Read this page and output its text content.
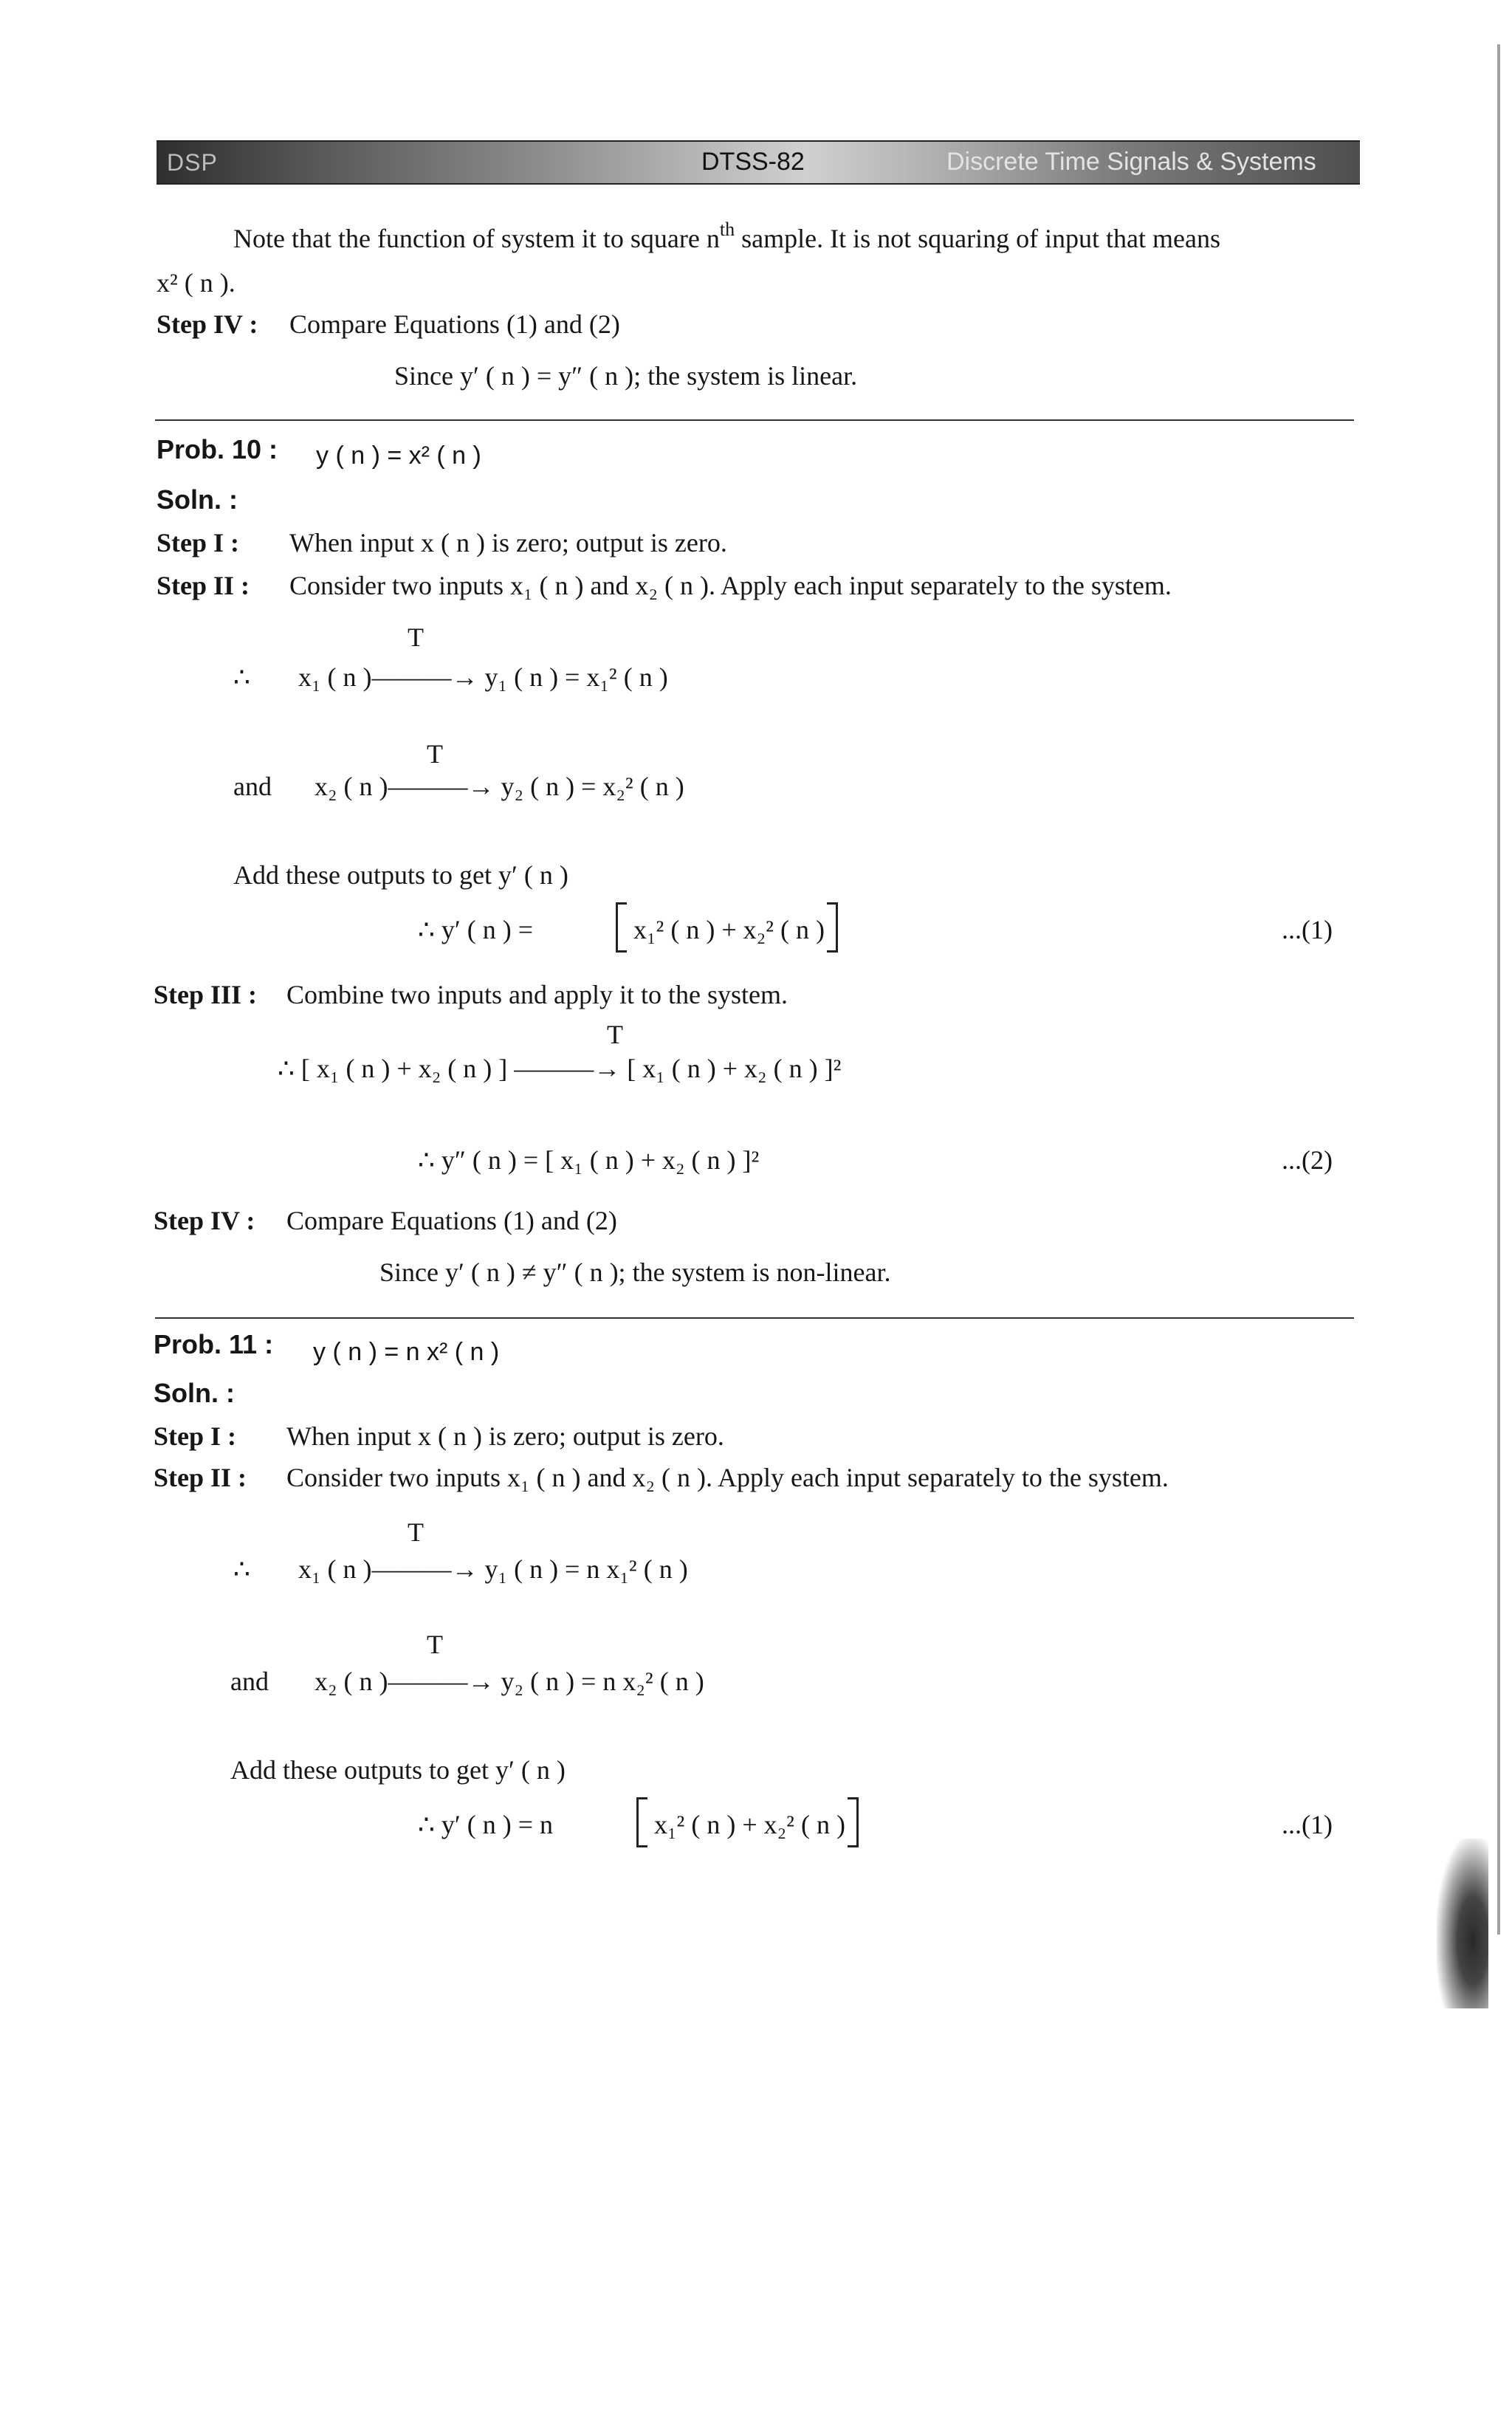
DSP	DTSS-82	Discrete Time Signals & Systems
Note that the function of system it to square $n^{th}$ sample. It is not squaring of input that means
x² ( n ).
Step IV : Compare Equations (1) and (2)
Since y′ ( n ) = y″ ( n ); the system is linear.
Prob. 10 : y ( n ) = x² ( n )
Soln. :
Step I : When input x ( n ) is zero; output is zero.
Step II : Consider two inputs x₁ ( n ) and x₂ ( n ). Apply each input separately to the system.
T
∴ x₁ ( n )———→ y₁ ( n ) = x₁² ( n )
T
and x₂ ( n )———→ y₂ ( n ) = x₂² ( n )
Add these outputs to get y′ ( n )
∴ y′ ( n ) =	x₁² ( n ) + x₂² ( n )	...(1)
Step III : Combine two inputs and apply it to the system.
T
∴ [ x₁ ( n ) + x₂ ( n ) ] ———→ [ x₁ ( n ) + x₂ ( n ) ]²
∴ y″ ( n ) = [ x₁ ( n ) + x₂ ( n ) ]²	...(2)
Step IV : Compare Equations (1) and (2)
Since y′ ( n ) ≠ y″ ( n ); the system is non-linear.
Prob. 11 : y ( n ) = n x² ( n )
Soln. :
Step I : When input x ( n ) is zero; output is zero.
Step II : Consider two inputs x₁ ( n ) and x₂ ( n ). Apply each input separately to the system.
T
∴ x₁ ( n )———→ y₁ ( n ) = n x₁² ( n )
T
and x₂ ( n )———→ y₂ ( n ) = n x₂² ( n )
Add these outputs to get y′ ( n )
∴ y′ ( n ) = n	x₁² ( n ) + x₂² ( n )	...(1)
